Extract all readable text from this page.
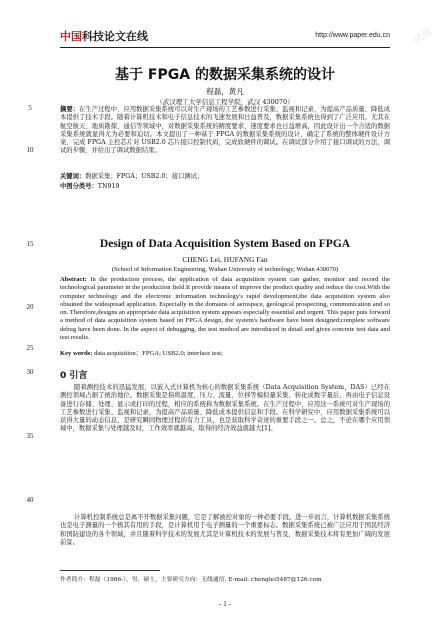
中国 科技论文在线	http://www.paper.edu.cn 试读
基于 FPGA 的数据采集系统的设计
程磊，黄凡
（武汉理工大学信息工程学院，武汉 430070）
5
10
15
20
25
30
35
40
摘要：在生产过程中，应用数据采集系统可以对生产现场的工艺参数进行采集、监视和记录，为提高产品质量、降低成本提供了技术手段。随着计算机技术和电子信息技术的飞速发展和日益普及，数据采集系统也得到了广泛应用。尤其在航空航天、地质勘探、通信等领域中，对数据采集系统的精度要求、速度要求也日益增高，因此设计出一个合适的数据采集系统就显得尤为必要和迫切。本文提出了一种基于 FPGA 的数据采集系统的设计，确定了系统的整体硬件设计方案，完成 FPGA 主控芯片对 USB2.0 芯片接口控制代码，完成软硬件的调试。在调试部分介绍了接口调试的方法，调试的步骤，并给出了调试数据结果。
关键词：数据采集；FPGA；USB2.0；接口测试；
中图分类号：TN919
Design of Data Acquisition System Based on FPGA
CHENG Lei, HUFANG Fan
(School of Information Engineering, Wuhan University of technology, Wuhan 430070)
Abstract: In the production process, the application of data acquisition system can gather, monitor and record the technological parameter in the production field.It provide means of improve the product quality and reduce the cost.With the computer technology and the electronic information technology's rapid development,the data acquisition system also obtained the widespread application. Especially in the domains of aerospace, geological prospecting, communication and so on. Therefore,designs an appropriate data acquisition system appears especially essential and urgent. This paper puts forward a method of data acquisition system based on FPGA design, the system's hardware have been designed;complete software debug have been done. In the aspect of debugging, the test method are introduced in detail and gives concrete test data and test results.
Key words: data acquisition；FPGA; USB2.0; interface test;
0 引言
随着测控技术的迅猛发展，以嵌入式计算机为核心的数据采集系统（Data Acquisition System，DAS）已经在测控领域占据了统治地位。数据采集是指将温度、压力、流量、位移等模拟量采集、转化成数字量后，再由电子信息设备进行存储、处理、显示或打印的过程，相应的系统称为数据采集系统。在生产过程中，应用这一系统可对生产现场的工艺参数进行采集、监视和记录，为提高产品质量、降低成本提供信息和手段。在科学研究中，应用数据采集系统可以获得大量的动态信息，是研究瞬间物理过程的有力工具，也是获取科学奇迹的重要手段之一。总之，不论在哪个应用领域中，数据采集与处理越及时，工作效率就越高，取得的经济效益就越大[1]。
计算机控制系统总是离不开数据采集问题，它是了解被控对象的一种必要手段。进一步而言，计算机数据采集系统也是电子测量的一个极其有用的手段，是计算机用于电子测量的一个重要标志。数据采集系统已被广泛应用于国民经济和国防建设的各个领域，并且随着科学技术的发展尤其是计算机技术的发展与普及，数据采集技术将有更加广阔的发展前景。
作者简介：程磊（1986-），男，硕士，主要研究方向：无线通信. E-mail: chenglei5487@126.com
- 1 -
